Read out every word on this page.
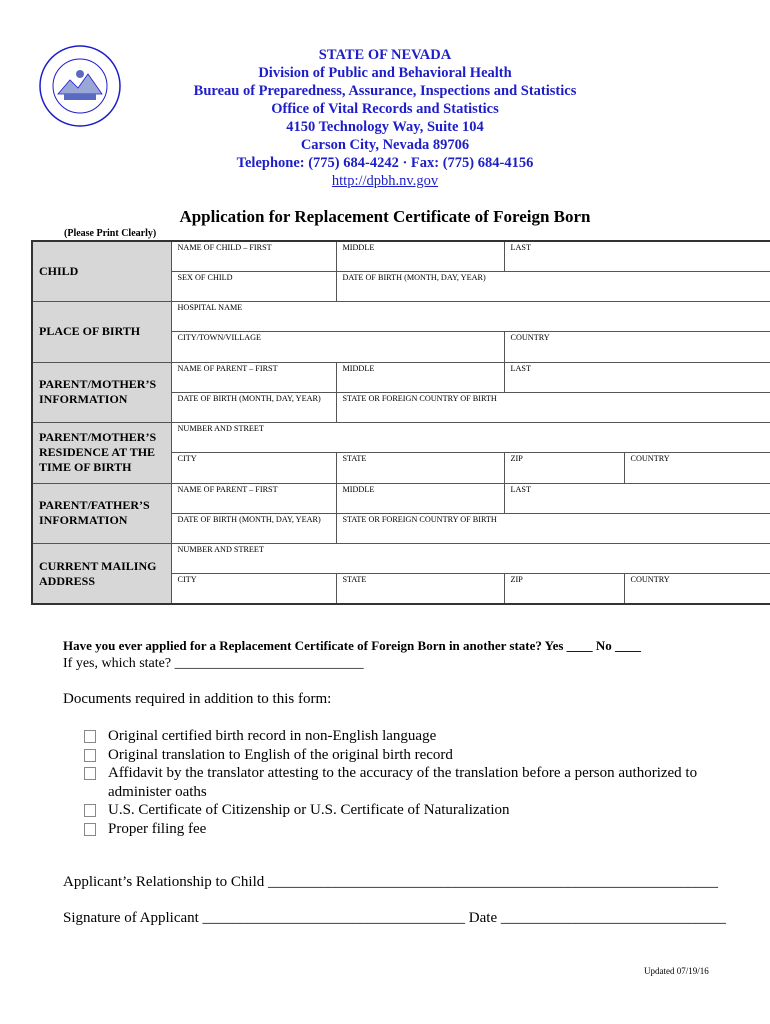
STATE OF NEVADA
Division of Public and Behavioral Health
Bureau of Preparedness, Assurance, Inspections and Statistics
Office of Vital Records and Statistics
4150 Technology Way, Suite 104
Carson City, Nevada 89706
Telephone: (775) 684-4242 · Fax: (775) 684-4156
http://dpbh.nv.gov
Application for Replacement Certificate of Foreign Born
(Please Print Clearly)
CHILD	NAME OF CHILD – FIRST	MIDDLE	LAST	
	SEX OF CHILD	DATE OF BIRTH (MONTH, DAY, YEAR)		
PLACE OF BIRTH	HOSPITAL NAME			
	CITY/TOWN/VILLAGE		COUNTRY	
PARENT/MOTHER’S INFORMATION	NAME OF PARENT – FIRST	MIDDLE	LAST	
	DATE OF BIRTH (MONTH, DAY, YEAR)	STATE OR FOREIGN COUNTRY OF BIRTH		
PARENT/MOTHER’S RESIDENCE AT THE TIME OF BIRTH	NUMBER AND STREET			
	CITY	STATE	ZIP	COUNTRY
PARENT/FATHER’S INFORMATION	NAME OF PARENT – FIRST	MIDDLE	LAST	
	DATE OF BIRTH (MONTH, DAY, YEAR)	STATE OR FOREIGN COUNTRY OF BIRTH		
CURRENT MAILING ADDRESS	NUMBER AND STREET			
	CITY	STATE	ZIP	COUNTRY
Have you ever applied for a Replacement Certificate of Foreign Born in another state? Yes ____ No ____
If yes, which state? ___________________________
Documents required in addition to this form:
Original certified birth record in non-English language
Original translation to English of the original birth record
Affidavit by the translator attesting to the accuracy of the translation before a person authorized to administer oaths
U.S. Certificate of Citizenship or U.S. Certificate of Naturalization
Proper filing fee
Applicant’s Relationship to Child ____________________________________________________________
Signature of Applicant ___________________________________ Date ______________________________
Updated 07/19/16
